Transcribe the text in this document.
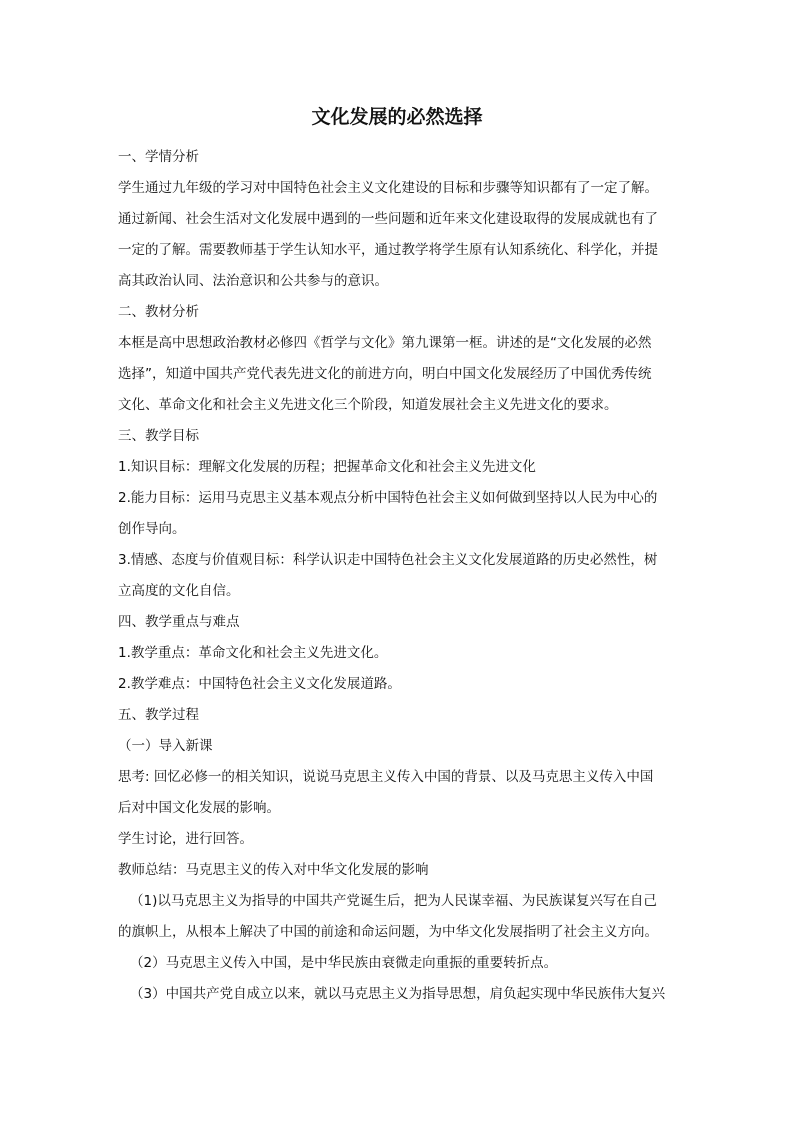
文化发展的必然选择

一、学情分析

学生通过九年级的学习对中国特色社会主义文化建设的目标和步骤等知识都有了一定了解。

通过新闻、社会生活对文化发展中遇到的一些问题和近年来文化建设取得的发展成就也有了

一定的了解。需要教师基于学生认知水平，通过教学将学生原有认知系统化、科学化，并提

高其政治认同、法治意识和公共参与的意识。

二、教材分析

本框是高中思想政治教材必修四《哲学与文化》第九课第一框。讲述的是“文化发展的必然

选择”，知道中国共产党代表先进文化的前进方向，明白中国文化发展经历了中国优秀传统

文化、革命文化和社会主义先进文化三个阶段，知道发展社会主义先进文化的要求。

三、教学目标

1.知识目标：理解文化发展的历程；把握革命文化和社会主义先进文化

2.能力目标：运用马克思主义基本观点分析中国特色社会主义如何做到坚持以人民为中心的

创作导向。

3.情感、态度与价值观目标：科学认识走中国特色社会主义文化发展道路的历史必然性，树

立高度的文化自信。

四、教学重点与难点

1.教学重点：革命文化和社会主义先进文化。

2.教学难点：中国特色社会主义文化发展道路。

五、教学过程

（一）导入新课

思考: 回忆必修一的相关知识，说说马克思主义传入中国的背景、以及马克思主义传入中国

后对中国文化发展的影响。

学生讨论，进行回答。

教师总结：马克思主义的传入对中华文化发展的影响

（1)以马克思主义为指导的中国共产党诞生后，把为人民谋幸福、为民族谋复兴写在自己

的旗帜上，从根本上解决了中国的前途和命运问题，为中华文化发展指明了社会主义方向。

（2）马克思主义传入中国，是中华民族由衰微走向重振的重要转折点。

（3）中国共产党自成立以来，就以马克思主义为指导思想，肩负起实现中华民族伟大复兴
